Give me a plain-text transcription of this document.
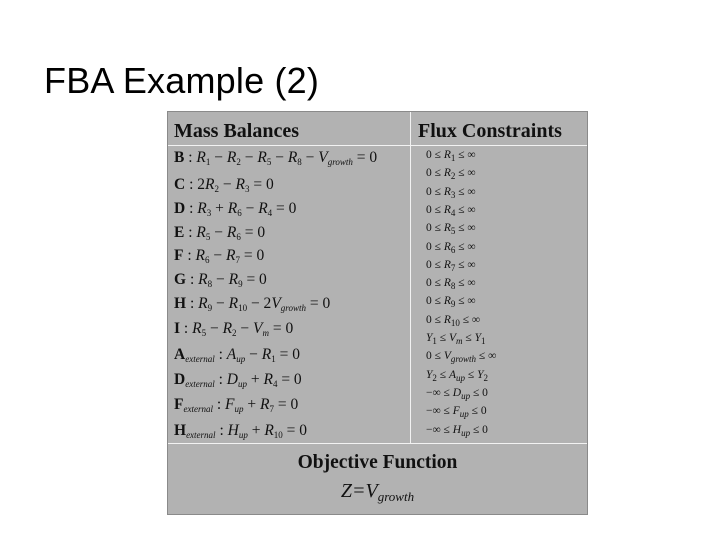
FBA Example (2)
Mass Balances	Flux Constraints
B : $R_1 - R_2 - R_5 - R_8 - V_{growth} = 0$
C : $2R_2 - R_3 = 0$
D : $R_3 + R_6 - R_4 = 0$
E : $R_5 - R_6 = 0$
F : $R_6 - R_7 = 0$
G : $R_8 - R_9 = 0$
H : $R_9 - R_{10} - 2V_{growth} = 0$
I : $R_5 - R_2 - V_m = 0$
$A_{external}$ : $A_{up} - R_1 = 0$
$D_{external}$ : $D_{up} + R_4 = 0$
$F_{external}$ : $F_{up} + R_7 = 0$
$H_{external}$ : $H_{up} + R_{10} = 0$
$0 \le R_1$ ≤ ∞
$0 \le R_2$ ≤ ∞
$0 \le R_3$ ≤ ∞
$0 \le R_4$ ≤ ∞
$0 \le R_5$ ≤ ∞
$0 \le R_6$ ≤ ∞
$0 \le R_7$ ≤ ∞
$0 \le R_8$ ≤ ∞
$0 \le R_9$ ≤ ∞
$0 \le R_{10}$ ≤ ∞
$Y_1 \le V_m \le Y_1$
$0 \le V_{growth}$ ≤ ∞
$Y_2 \le A_{up} \le Y_2$
−∞ ≤ $D_{up} \le 0$
−∞ ≤ $F_{up} \le 0$
−∞ ≤ $H_{up} \le 0$
Objective Function
$Z=V_{growth}$
